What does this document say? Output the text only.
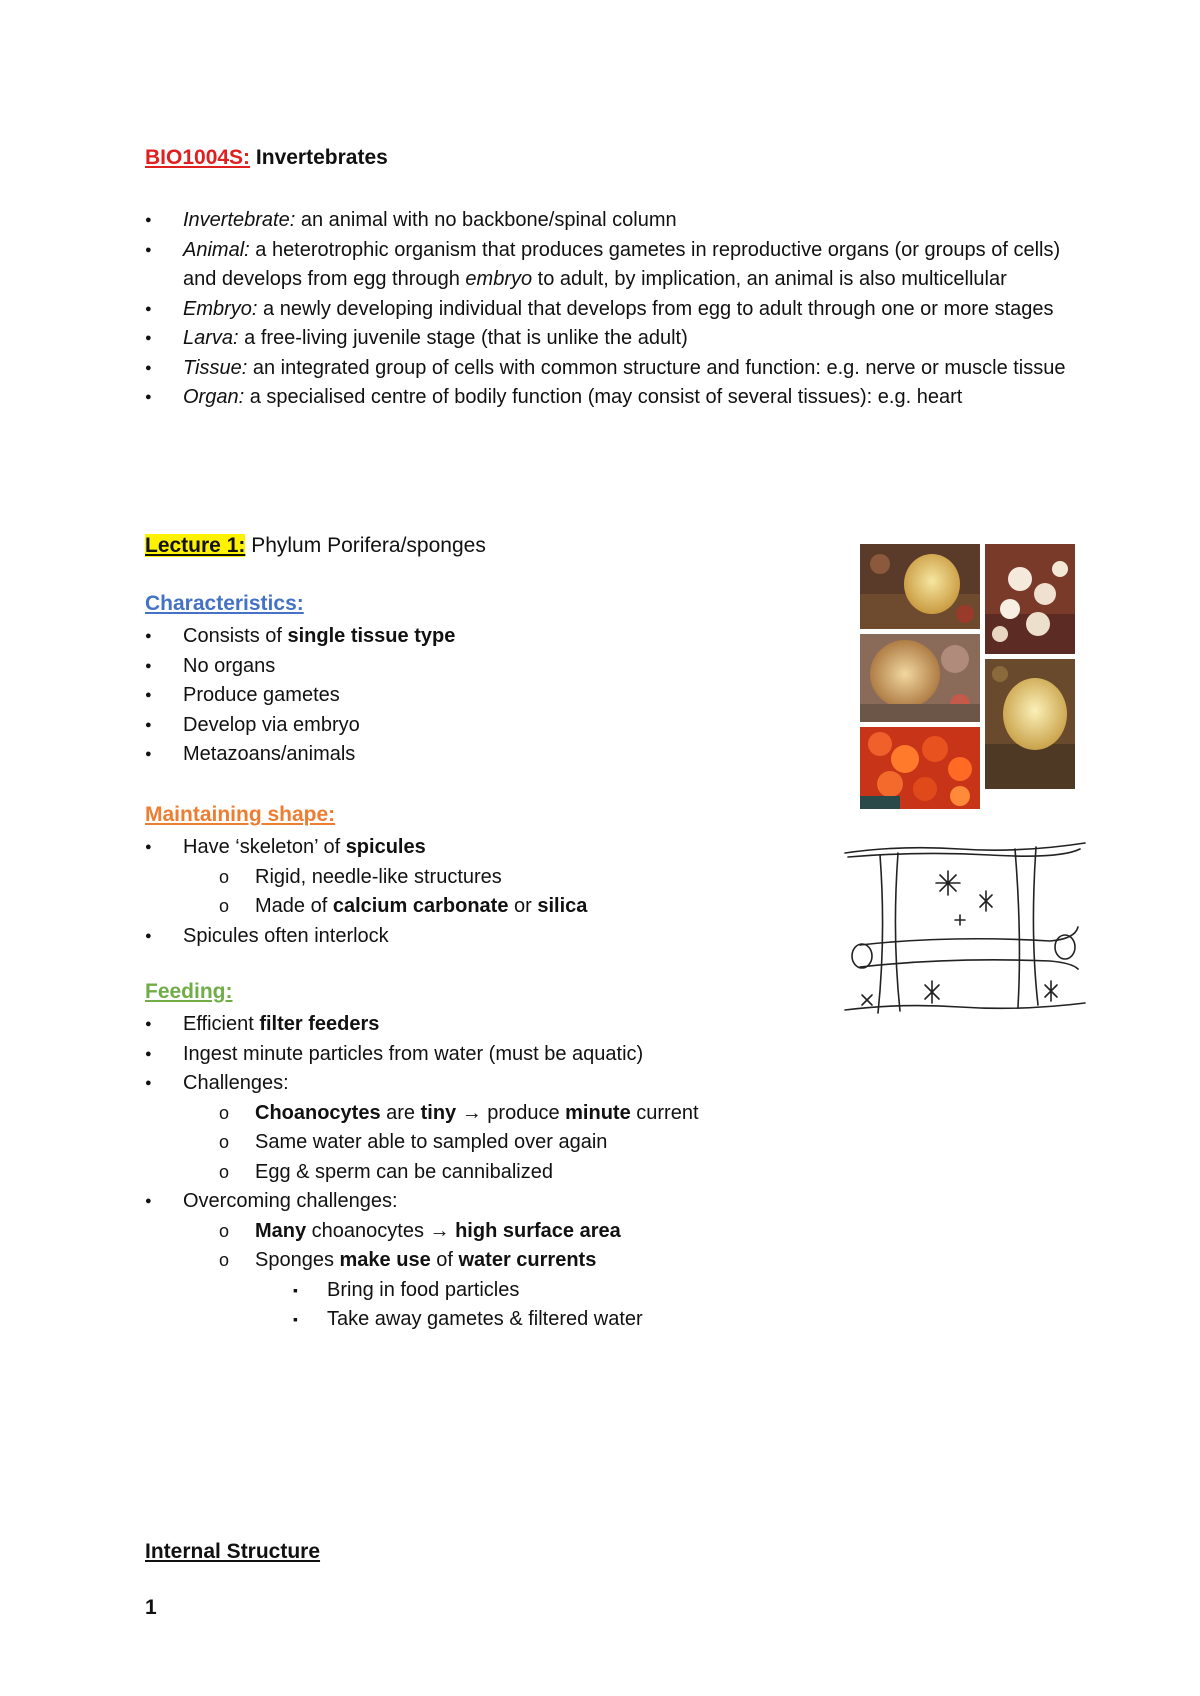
BIO1004S: Invertebrates
● Invertebrate: an animal with no backbone/spinal column
● Animal: a heterotrophic organism that produces gametes in reproductive organs (or groups of cells) and develops from egg through embryo to adult, by implication, an animal is also multicellular
● Embryo: a newly developing individual that develops from egg to adult through one or more stages
● Larva: a free-living juvenile stage (that is unlike the adult)
● Tissue: an integrated group of cells with common structure and function: e.g. nerve or muscle tissue
● Organ: a specialised centre of bodily function (may consist of several tissues): e.g. heart
Lecture 1: Phylum Porifera/sponges
Characteristics:
● Consists of single tissue type
● No organs
● Produce gametes
● Develop via embryo
● Metazoans/animals
Maintaining shape:
● Have ‘skeleton’ of spicules
o Rigid, needle-like structures
o Made of calcium carbonate or silica
● Spicules often interlock
Feeding:
● Efficient filter feeders
● Ingest minute particles from water (must be aquatic)
● Challenges:
o Choanocytes are tiny → produce minute current
o Same water able to sampled over again
o Egg & sperm can be cannibalized
● Overcoming challenges:
o Many choanocytes → high surface area
o Sponges make use of water currents
▪ Bring in food particles
▪ Take away gametes & filtered water
Internal Structure
1
